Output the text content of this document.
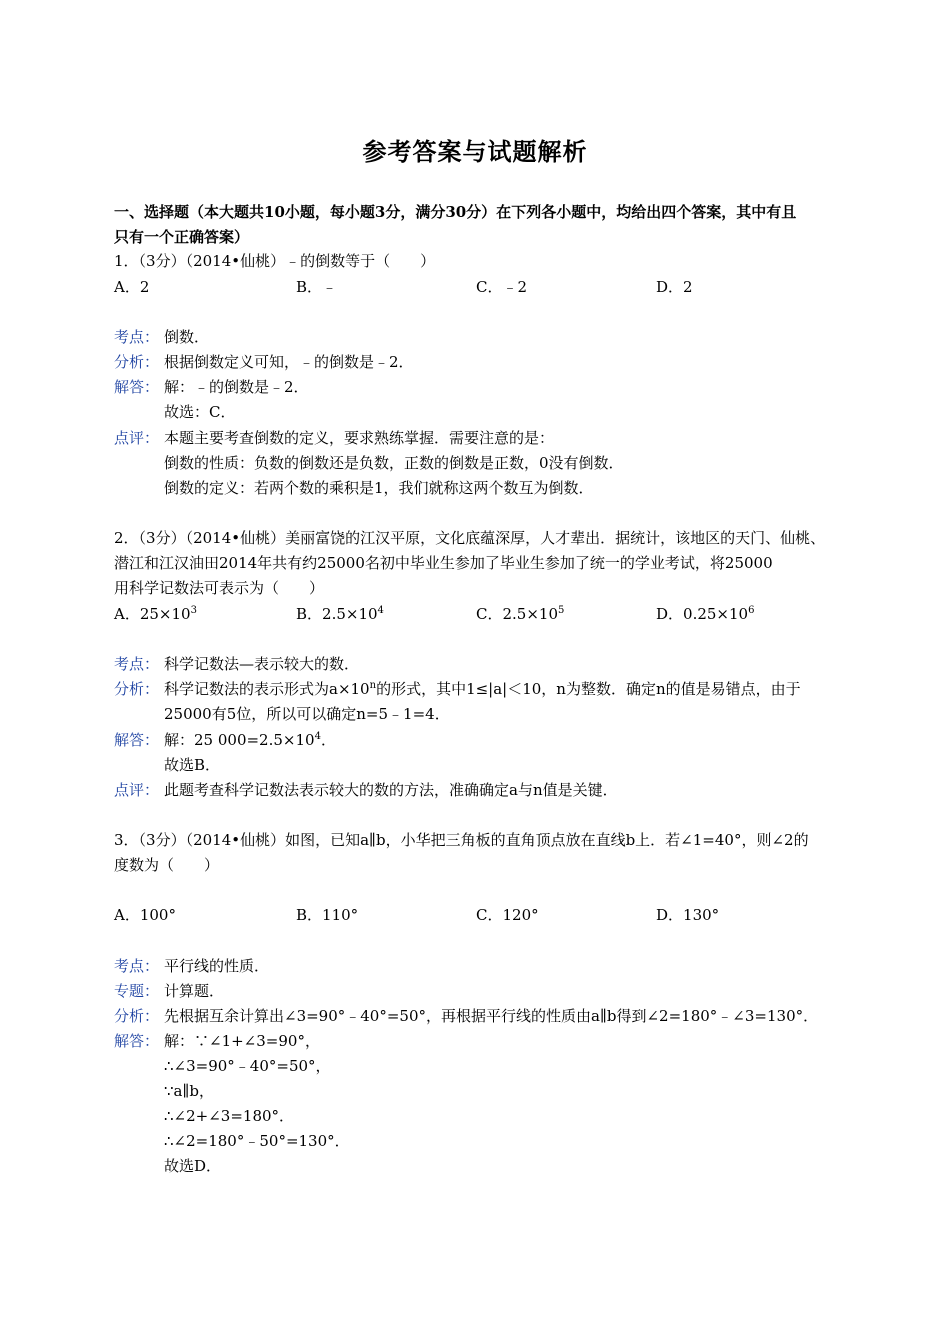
参考答案与试题解析
一、选择题（本大题共10小题，每小题3分，满分30分）在下列各小题中，均给出四个答案，其中有且
只有一个正确答案）
1．（3分）（2014•仙桃）﹣的倒数等于（　　）
A．2	B．﹣	C．﹣2	D．2
考点： 倒数．
分析： 根据倒数定义可知，﹣的倒数是﹣2．
解答： 解：﹣的倒数是﹣2．
故选：C．
点评： 本题主要考查倒数的定义，要求熟练掌握．需要注意的是：
倒数的性质：负数的倒数还是负数，正数的倒数是正数，0没有倒数．
倒数的定义：若两个数的乘积是1，我们就称这两个数互为倒数．
2．（3分）（2014•仙桃）美丽富饶的江汉平原，文化底蕴深厚，人才辈出．据统计，该地区的天门、仙桃、
潜江和江汉油田2014年共有约25000名初中毕业生参加了毕业生参加了统一的学业考试，将25000
用科学记数法可表示为（　　）
A．$25\times 10^3$	B．$2.5\times 10^4$	C．$2.5\times 10^5$	D．$0.25\times 10^6$
考点： 科学记数法—表示较大的数．
分析： 科学记数法的表示形式为$a\times 10^n$的形式，其中1≤|a|＜10，n为整数．确定n的值是易错点，由于
25000有5位，所以可以确定n=5﹣1=4．
解答： 解：25 $000=2.5\times 10^4$．
故选B．
点评： 此题考查科学记数法表示较大的数的方法，准确确定a与n值是关键．
3．（3分）（2014•仙桃）如图，已知a∥b，小华把三角板的直角顶点放在直线b上．若∠1=40°，则∠2的
度数为（　　）
A．100°	B．110°	C．120°	D．130°
考点： 平行线的性质．
专题： 计算题．
分析： 先根据互余计算出∠3=90°﹣40°=50°，再根据平行线的性质由a∥b得到∠2=180°﹣∠3=130°．
解答： 解：∵∠1+∠3=90°，
∴∠3=90°﹣40°=50°，
∵a∥b，
∴∠2+∠3=180°．
∴∠2=180°﹣50°=130°．
故选D．
